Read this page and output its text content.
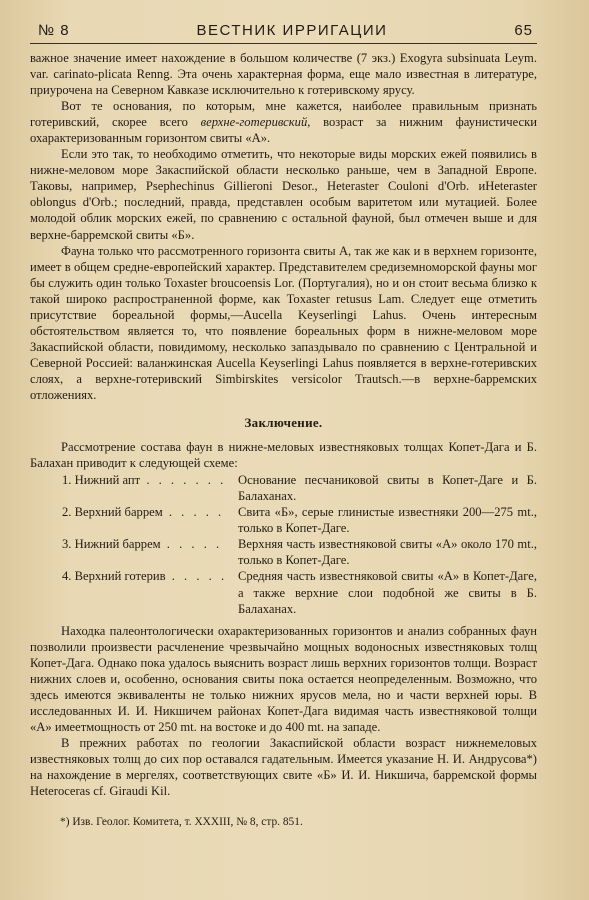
№ 8	ВЕСТНИК ИРРИГАЦИИ	65

важное значение имеет нахождение в большом количестве (7 экз.) Exogyra subsinuata Leym. var. carinato-plicata Renng. Эта очень характерная форма, еще мало известная в литературе, приурочена на Северном Кавказе исключительно к готеривскому ярусу.

Вот те основания, по которым, мне кажется, наиболее правильным признать готеривский, скорее всего верхне-готеривский, возраст за нижним фаунистически охарактеризованным горизонтом свиты «А».

Если это так, то необходимо отметить, что некоторые виды морских ежей появились в нижне-меловом море Закаспийской области несколько раньше, чем в Западной Европе. Таковы, например, Psephechinus Gillieroni Desor., Heteraster Couloni d'Orb. иHeteraster oblongus d'Orb.; последний, правда, представлен особым варитетом или мутацией. Более молодой облик морских ежей, по сравнению с остальной фауной, был отмечен выше и для верхне-барремской свиты «Б».

Фауна только что рассмотренного горизонта свиты А, так же как и в верхнем горизонте, имеет в общем средне-европейский характер. Представителем средиземноморской фауны мог бы служить один только Toxaster broucoensis Lor. (Португалия), но и он стоит весьма близко к такой широко распространенной форме, как Toxaster retusus Lam. Следует еще отметить присутствие бореальной формы,—Aucella Keyserlingi Lahus. Очень интересным обстоятельством является то, что появление бореальных форм в нижне-меловом море Закаспийской области, повидимому, несколько запаздывало по сравнению с Центральной и Северной Россией: валанжинская Aucella Keyserlingi Lahus появляется в верхне-готеривских слоях, а верхне-готеривский Simbirskites versicolor Trautsch.—в верхне-барремских отложениях.

Заключение.

Рассмотрение состава фаун в нижне-меловых известняковых толщах Копет-Дага и Б. Балахан приводит к следующей схеме:

1. Нижний апт . . . . . . . Основание песчаниковой свиты в Копет-Даге и Б. Балаханах.
2. Верхний баррем . . . . .	Свита «Б», серые глинистые известняки 200—275 mt., только в Копет-Даге.
3. Нижний баррем . . . . .	Верхняя часть известняковой свиты «А» около 170 mt., только в Копет-Даге.
4. Верхний готерив . . . . . Средняя часть известняковой свиты «А» в Копет-Даге, а также верхние слои подобной же свиты в Б. Балаханах.

Находка палеонтологически охарактеризованных горизонтов и анализ собранных фаун позволили произвести расчленение чрезвычайно мощных водоносных известняковых толщ Копет-Дага. Однако пока удалось выяснить возраст лишь верхних горизонтов толщи. Возраст нижних слоев и, особенно, основания свиты пока остается неопределенным. Возможно, что здесь имеются эквиваленты не только нижних ярусов мела, но и части верхней юры. В исследованных И. И. Никшичем районах Копет-Дага видимая часть известняковой толщи «А» имеетмощность от 250 mt. на востоке и до 400 mt. на западе.

В прежних работах по геологии Закаспийской области возраст нижнемеловых известняковых толщ до сих пор оставался гадательным. Имеется указание Н. И. Андрусова*) на нахождение в мергелях, соответствующих свите «Б» И. И. Никшича, барремской формы Heteroceras cf. Giraudi Kil.

*) Изв. Геолог. Комитета, т. XXXIII, № 8, стр. 851.
